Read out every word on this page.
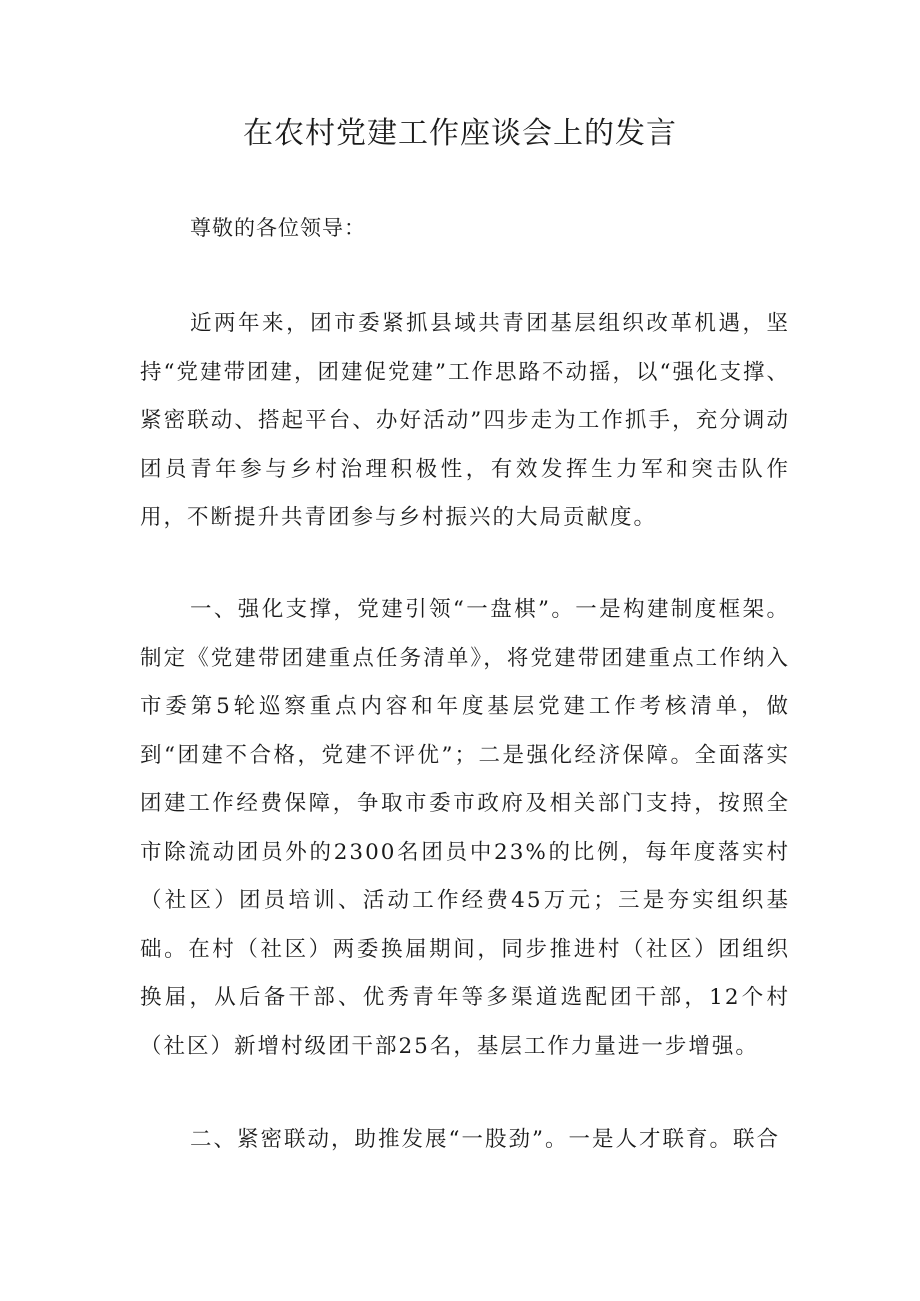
在农村党建工作座谈会上的发言

尊敬的各位领导：

近两年来，团市委紧抓县域共青团基层组织改革机遇，坚持“党建带团建，团建促党建”工作思路不动摇，以“强化支撑、紧密联动、搭起平台、办好活动”四步走为工作抓手，充分调动团员青年参与乡村治理积极性，有效发挥生力军和突击队作用，不断提升共青团参与乡村振兴的大局贡献度。

一、强化支撑，党建引领“一盘棋”。一是构建制度框架。制定《党建带团建重点任务清单》，将党建带团建重点工作纳入市委第5轮巡察重点内容和年度基层党建工作考核清单，做到“团建不合格，党建不评优”；二是强化经济保障。全面落实团建工作经费保障，争取市委市政府及相关部门支持，按照全市除流动团员外的2300名团员中23%的比例，每年度落实村（社区）团员培训、活动工作经费45万元；三是夯实组织基础。在村（社区）两委换届期间，同步推进村（社区）团组织换届，从后备干部、优秀青年等多渠道选配团干部，12个村（社区）新增村级团干部25名，基层工作力量进一步增强。

二、紧密联动，助推发展“一股劲”。一是人才联育。联合
